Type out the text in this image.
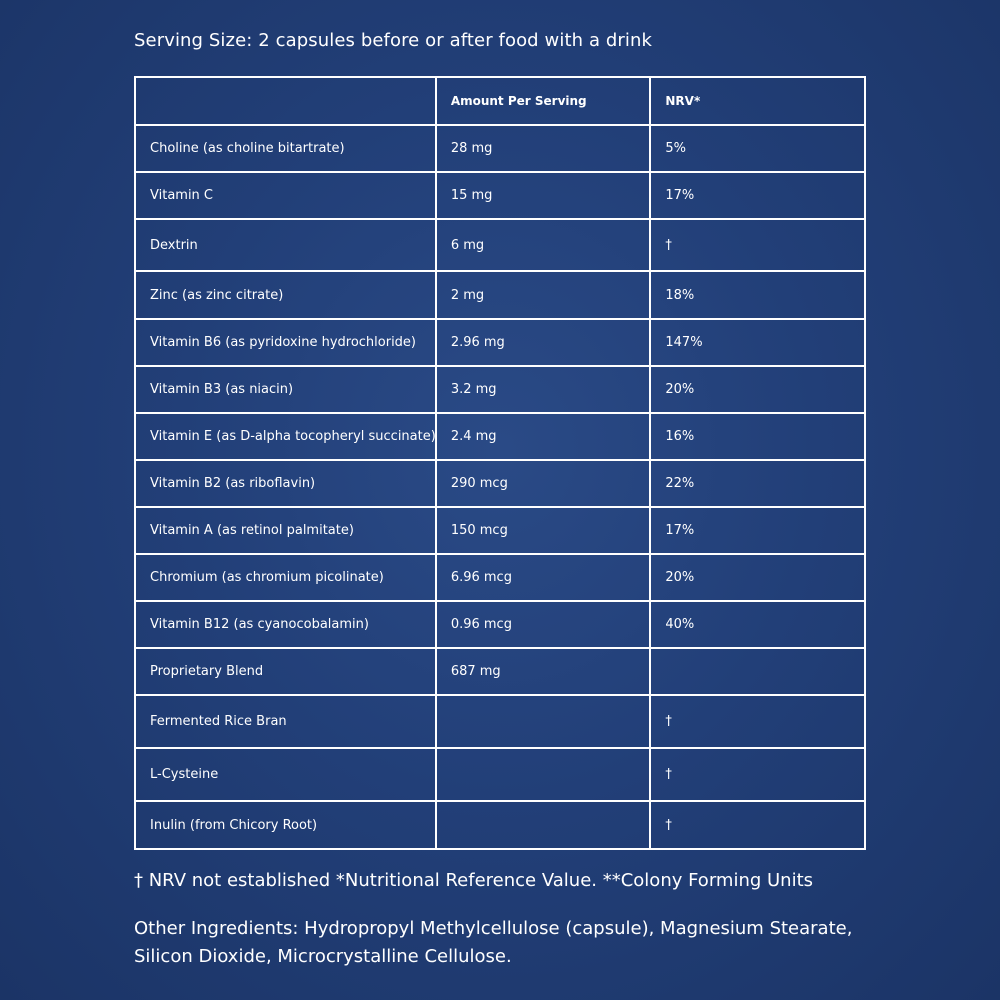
Serving Size: 2 capsules before or after food with a drink
	Amount Per Serving	NRV*
Choline (as choline bitartrate)	28 mg	5%
Vitamin C	15 mg	17%
Dextrin	6 mg	†
Zinc (as zinc citrate)	2 mg	18%
Vitamin B6 (as pyridoxine hydrochloride)	2.96 mg	147%
Vitamin B3 (as niacin)	3.2 mg	20%
Vitamin E (as D-alpha tocopheryl succinate)	2.4 mg	16%
Vitamin B2 (as riboflavin)	290 mcg	22%
Vitamin A (as retinol palmitate)	150 mcg	17%
Chromium (as chromium picolinate)	6.96 mcg	20%
Vitamin B12 (as cyanocobalamin)	0.96 mcg	40%
Proprietary Blend	687 mg	
Fermented Rice Bran		†
L-Cysteine		†
Inulin (from Chicory Root)		†
† NRV not established *Nutritional Reference Value. **Colony Forming Units
Other Ingredients: Hydropropyl Methylcellulose (capsule), Magnesium Stearate, Silicon Dioxide, Microcrystalline Cellulose.
